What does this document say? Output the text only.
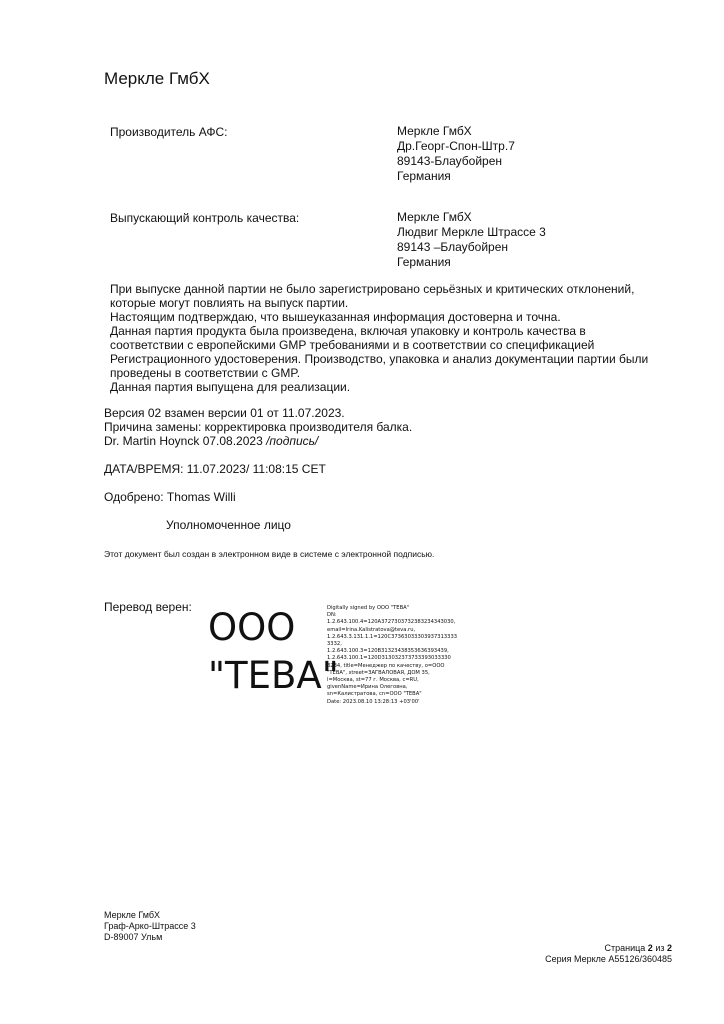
Меркле ГмбХ
Производитель АФС:	Меркле ГмбХ
Др.Георг-Спон-Штр.7
89143-Блаубойрен
Германия
Выпускающий контроль качества:	Меркле ГмбХ
Людвиг Меркле Штрассе 3
89143 –Блаубойрен
Германия
При выпуске данной партии не было зарегистрировано серьёзных и критических отклонений,
которые могут повлиять на выпуск партии.
Настоящим подтверждаю, что вышеуказанная информация достоверна и точна.
Данная партия продукта была произведена, включая упаковку и контроль качества в
соответствии с европейскими GMP требованиями и в соответствии со спецификацией
Регистрационного удостоверения. Производство, упаковка и анализ документации партии были
проведены в соответствии с GMP.
Данная партия выпущена для реализации.
Версия 02 взамен версии 01 от 11.07.2023.
Причина замены: корректировка производителя балка.
Dr. Martin Hoynck 07.08.2023 /подпись/
ДАТА/ВРЕМЯ: 11.07.2023/ 11:08:15 CET
Одобрено: Thomas Willi
Уполномоченное лицо
Этот документ был создан в электронном виде в системе с электронной подписью.
Перевод верен: ООО
"ТЕВА"
Digitally signed by ООО "ТЕВА"
DN:
1.2.643.100.4=120A3727303732383234343030,
email=Irina.Kalistratova@teva.ru,
1.2.643.3.131.1.1=120C37363033303937313333
3332,
1.2.643.100.3=120B31323438353636393439,
1.2.643.100.1=120D313032373733393033330
3234, title=Менеджер по качеству, o=ООО
"ТЕВА", street=ЗАГВАЛОВАЯ, ДОМ 35,
l=Москва, st=77 г. Москва, c=RU,
givenName=Ирина Олеговна,
sn=Калистратова, cn=ООО "ТЕВА"
Date: 2023.08.10 13:28:13 +03'00'
Меркле ГмбХ
Граф-Арко-Штрассе 3
D-89007 Ульм
Страница 2 из 2
Серия Меркле A55126/360485
